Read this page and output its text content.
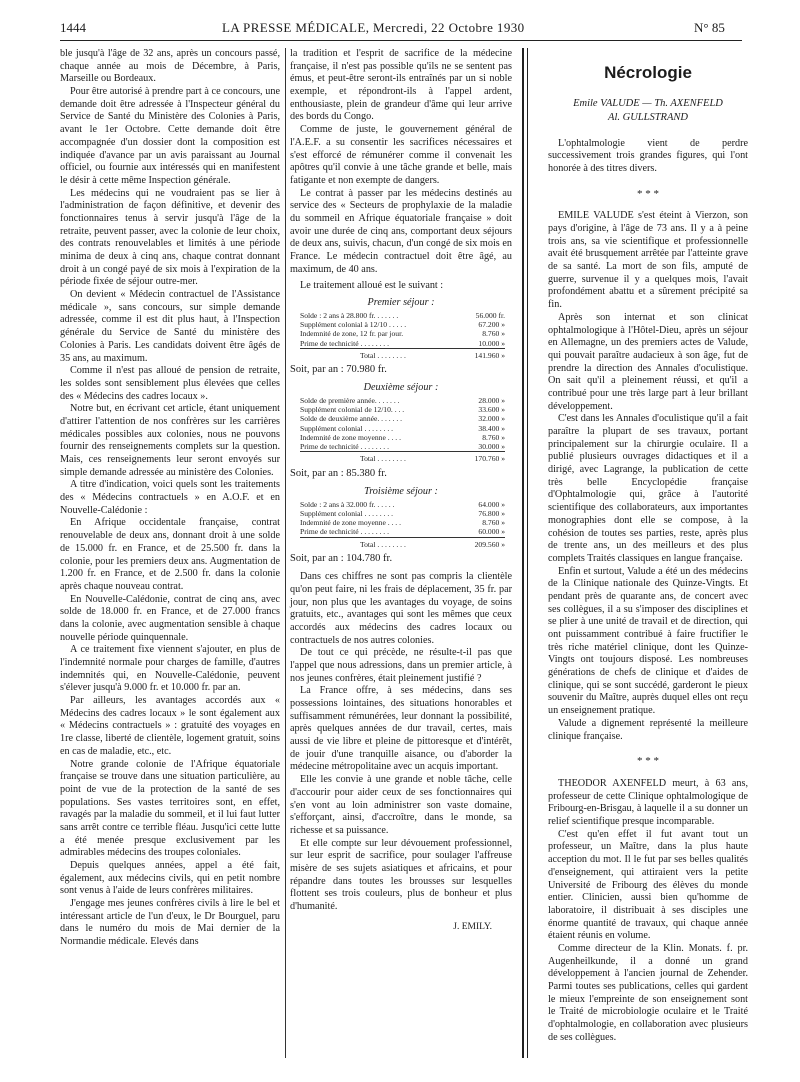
1444	LA PRESSE MÉDICALE, Mercredi, 22 Octobre 1930	N° 85

ble jusqu'à l'âge de 32 ans, après un concours passé, chaque année au mois de Décembre, à Paris, Marseille ou Bordeaux.

Pour être autorisé à prendre part à ce concours, une demande doit être adressée à l'Inspecteur général du Service de Santé du Ministère des Colonies à Paris, avant le 1er Octobre. Cette demande doit être accompagnée d'un dossier dont la composition est indiquée d'avance par un avis paraissant au Journal officiel, ou fournie aux intéressés qui en manifestent le désir à cette même Inspection générale.

Les médecins qui ne voudraient pas se lier à l'administration de façon définitive, et devenir des fonctionnaires tenus à servir jusqu'à l'âge de la retraite, peuvent passer, avec la colonie de leur choix, des contrats renouvelables et limités à une période minima de deux à cinq ans, chaque contrat donnant droit à un congé payé de six mois à l'expiration de la période fixée de séjour outre-mer.

On devient « Médecin contractuel de l'Assistance médicale », sans concours, sur simple demande adressée, comme il est dit plus haut, à l'Inspection générale du Service de Santé du ministère des Colonies à Paris. Les candidats doivent être âgés de 35 ans, au maximum.

Comme il n'est pas alloué de pension de retraite, les soldes sont sensiblement plus élevées que celles des « Médecins des cadres locaux ».

Notre but, en écrivant cet article, étant uniquement d'attirer l'attention de nos confrères sur les carrières médicales possibles aux colonies, nous ne pouvons fournir des renseignements complets sur la question. Mais, ces renseignements leur seront envoyés sur simple demande adressée au ministère des Colonies.

A titre d'indication, voici quels sont les traitements des « Médecins contractuels » en A.O.F. et en Nouvelle-Calédonie :

En Afrique occidentale française, contrat renouvelable de deux ans, donnant droit à une solde de 15.000 fr. en France, et de 25.500 fr. dans la colonie, pour les premiers deux ans. Augmentation de 1.200 fr. en France, et de 2.500 fr. dans la colonie après chaque nouveau contrat.

En Nouvelle-Calédonie, contrat de cinq ans, avec solde de 18.000 fr. en France, et de 27.000 francs dans la colonie, avec augmentation sensible à chaque nouvelle période quinquennale.

A ce traitement fixe viennent s'ajouter, en plus de l'indemnité normale pour charges de famille, d'autres indemnités qui, en Nouvelle-Calédonie, peuvent s'élever jusqu'à 9.000 fr. et 10.000 fr. par an.

Par ailleurs, les avantages accordés aux « Médecins des cadres locaux » le sont également aux « Médecins contractuels » : gratuité des voyages en 1re classe, liberté de clientèle, logement gratuit, soins en cas de maladie, etc., etc.

Notre grande colonie de l'Afrique équatoriale française se trouve dans une situation particulière, au point de vue de la protection de la santé de ses populations. Ses vastes territoires sont, en effet, ravagés par la maladie du sommeil, et il lui faut lutter sans arrêt contre ce terrible fléau. Jusqu'ici cette lutte a été menée presque exclusivement par les admirables médecins des troupes coloniales.

Depuis quelques années, appel a été fait, également, aux médecins civils, qui en petit nombre sont venus à l'aide de leurs confrères militaires.

J'engage mes jeunes confrères civils à lire le bel et intéressant article de l'un d'eux, le Dr Bourguel, paru dans le numéro du mois de Mai dernier de la Normandie médicale. Elevés dans

la tradition et l'esprit de sacrifice de la médecine française, il n'est pas possible qu'ils ne se sentent pas émus, et peut-être seront-ils entraînés par un si noble exemple, et répondront-ils à l'appel ardent, enthousiaste, plein de grandeur d'âme qui leur arrive des bords du Congo.

Comme de juste, le gouvernement général de l'A.E.F. a su consentir les sacrifices nécessaires et s'est efforcé de rémunérer comme il convenait les apôtres qu'il convie à une tâche grande et belle, mais fatigante et non exempte de dangers.

Le contrat à passer par les médecins destinés au service des « Secteurs de prophylaxie de la maladie du sommeil en Afrique équatoriale française » doit avoir une durée de cinq ans, comportant deux séjours de deux ans, suivis, chacun, d'un congé de six mois en France. Le médecin contractuel doit être âgé, au maximum, de 40 ans.

Le traitement alloué est le suivant :

Premier séjour :
Solde : 2 ans à 28.800 fr. . . . . . .	56.000 fr.
Supplément colonial à 12/10 . . . . .	67.200 »
Indemnité de zone, 12 fr. par jour.	8.760 »
Prime de technicité . . . . . . . .	10.000 »
Total . . . . . . . .	141.960 »

Soit, par an : 70.980 fr.

Deuxième séjour :
Solde de première année. . . . . . .	28.000 »
Supplément colonial de 12/10. . . .	33.600 »
Solde de deuxième année. . . . . . .	32.000 »
Supplément colonial . . . . . . . .	38.400 »
Indemnité de zone moyenne . . . .	8.760 »
Prime de technicité . . . . . . . .	30.000 »
Total . . . . . . . .	170.760 »

Soit, par an : 85.380 fr.

Troisième séjour :
Solde : 2 ans à 32.000 fr. . . . . .	64.000 »
Supplément colonial . . . . . . . .	76.800 »
Indemnité de zone moyenne . . . .	8.760 »
Prime de technicité . . . . . . . .	60.000 »
Total . . . . . . . .	209.560 »

Soit, par an : 104.780 fr.

Dans ces chiffres ne sont pas compris la clientèle qu'on peut faire, ni les frais de déplacement, 35 fr. par jour, non plus que les avantages du voyage, de soins gratuits, etc., avantages qui sont les mêmes que ceux accordés aux médecins des cadres locaux ou contractuels de nos autres colonies.

De tout ce qui précède, ne résulte-t-il pas que l'appel que nous adressions, dans un premier article, à nos jeunes confrères, était pleinement justifié ?

La France offre, à ses médecins, dans ses possessions lointaines, des situations honorables et suffisamment rémunérées, leur donnant la possibilité, après quelques années de dur travail, certes, mais aussi de vie libre et pleine de pittoresque et d'intérêt, de jouir d'une tranquille aisance, ou d'aborder la médecine métropolitaine avec un acquis important.

Elle les convie à une grande et noble tâche, celle d'accourir pour aider ceux de ses fonctionnaires qui s'en vont au loin administrer son vaste domaine, s'efforçant, ainsi, d'accroître, dans le monde, sa richesse et sa puissance.

Et elle compte sur leur dévouement professionnel, sur leur esprit de sacrifice, pour soulager l'affreuse misère de ses sujets asiatiques et africains, et pour répandre dans toutes les brousses sur lesquelles flottent ses trois couleurs, plus de bonheur et plus d'humanité.

J. EMILY.

Nécrologie

Emile VALUDE — Th. AXENFELD

Al. GULLSTRAND

L'ophtalmologie vient de perdre successivement trois grandes figures, qui l'ont honorée à des titres divers.

* * *

EMILE VALUDE s'est éteint à Vierzon, son pays d'origine, à l'âge de 73 ans. Il y a à peine trois ans, sa vie scientifique et professionnelle avait été brusquement arrêtée par l'atteinte grave de sa santé. La mort de son fils, amputé de guerre, survenue il y a quelques mois, l'avait profondément abattu et a sûrement précipité sa fin.

Après son internat et son clinicat ophtalmologique à l'Hôtel-Dieu, après un séjour en Allemagne, un des premiers actes de Valude, qui pouvait paraître audacieux à son âge, fut de prendre la direction des Annales d'oculistique. On sait qu'il a pleinement réussi, et qu'il a contribué pour une très large part à leur brillant développement.

C'est dans les Annales d'oculistique qu'il a fait paraître la plupart de ses travaux, portant principalement sur la chirurgie oculaire. Il a publié plusieurs ouvrages didactiques et il a dirigé, avec Lagrange, la publication de cette très belle Encyclopédie française d'Ophtalmologie qui, grâce à l'autorité scientifique des collaborateurs, aux importantes monographies dont elle se compose, à la cohésion de toutes ses parties, reste, après plus de trente ans, un des meilleurs et des plus complets Traités classiques en langue française.

Enfin et surtout, Valude a été un des médecins de la Clinique nationale des Quinze-Vingts. Et pendant près de quarante ans, de concert avec ses collègues, il a su s'imposer des disciplines et se plier à une unité de travail et de direction, qui ont puissamment contribué à faire fructifier le très riche matériel clinique, dont les Quinze-Vingts ont toujours disposé. Les nombreuses générations de chefs de clinique et d'aides de clinique, qui se sont succédé, garderont le pieux souvenir du Maître, auprès duquel elles ont reçu un enseignement pratique.

Valude a dignement représenté la meilleure clinique française.

* * *

THEODOR AXENFELD meurt, à 63 ans, professeur de cette Clinique ophtalmologique de Fribourg-en-Brisgau, à laquelle il a su donner un relief scientifique presque incomparable.

C'est qu'en effet il fut avant tout un professeur, un Maître, dans la plus haute acception du mot. Il le fut par ses belles qualités d'enseignement, qui attiraient vers la petite Université de Fribourg des élèves du monde entier. Clinicien, aussi bien qu'homme de laboratoire, il distribuait à ses disciples une énorme quantité de travaux, qui chaque année étaient réunis en volume.

Comme directeur de la Klin. Monats. f. pr. Augenheilkunde, il a donné un grand développement à l'ancien journal de Zehender. Parmi toutes ses publications, celles qui gardent le mieux l'empreinte de son enseignement sont le Traité de microbiologie oculaire et le Traité d'ophtalmologie, en collaboration avec plusieurs de ses collègues.
